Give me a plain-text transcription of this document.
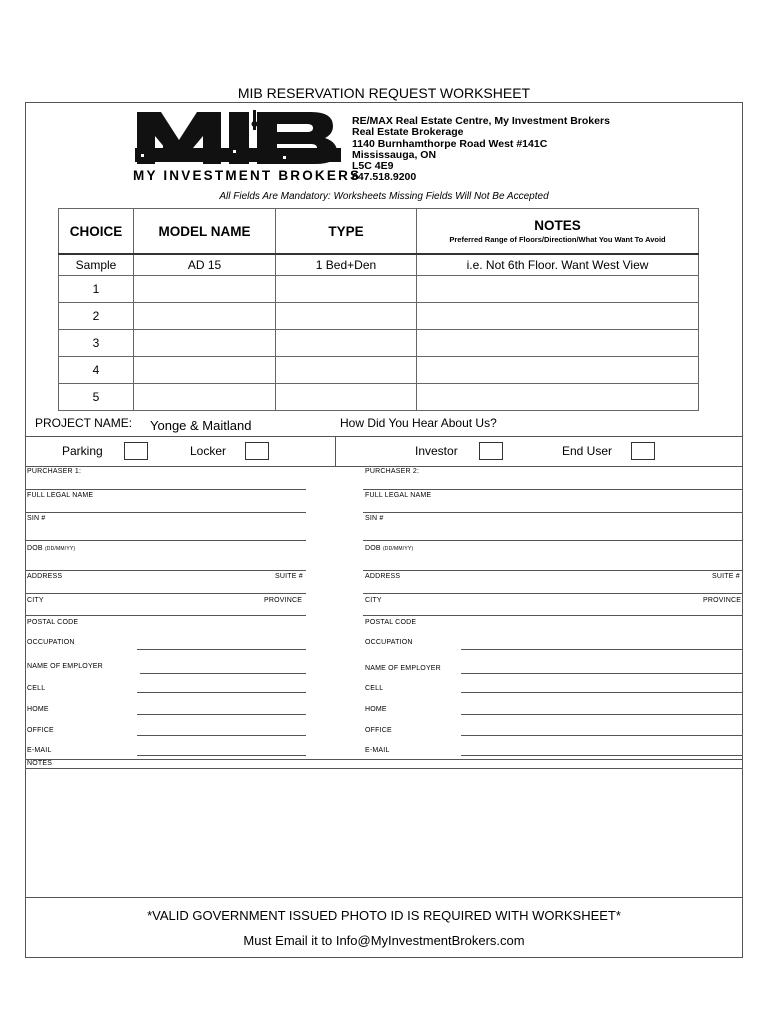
MIB RESERVATION REQUEST WORKSHEET
MY INVESTMENT BROKERS
RE/MAX Real Estate Centre, My Investment Brokers
Real Estate Brokerage
1140 Burnhamthorpe Road West #141C
Mississauga, ON
L5C 4E9
647.518.9200
All Fields Are Mandatory: Worksheets Missing Fields Will Not Be Accepted
CHOICE	MODEL NAME	TYPE	NOTES
Preferred Range of Floors/Direction/What You Want To Avoid

Sample	AD 15	1 Bed+Den	i.e. Not 6th Floor. Want West View
1			
2			
3			
4			
5			
PROJECT NAME: Yonge & Maitland	How Did You Hear About Us?
Parking	Locker	Investor	End User
PURCHASER 1:
FULL LEGAL NAME
SIN #
DOB (DD/MM/YY)
ADDRESS	SUITE #
CITY	PROVINCE
POSTAL CODE
OCCUPATION
NAME OF EMPLOYER
CELL
HOME
OFFICE
E-MAIL
PURCHASER 2:
FULL LEGAL NAME
SIN #
DOB (DD/MM/YY)
ADDRESS	SUITE #
CITY	PROVINCE
POSTAL CODE
OCCUPATION
NAME OF EMPLOYER
CELL
HOME
OFFICE
E-MAIL
NOTES
*VALID GOVERNMENT ISSUED PHOTO ID IS REQUIRED WITH WORKSHEET*
Must Email it to Info@MyInvestmentBrokers.com
